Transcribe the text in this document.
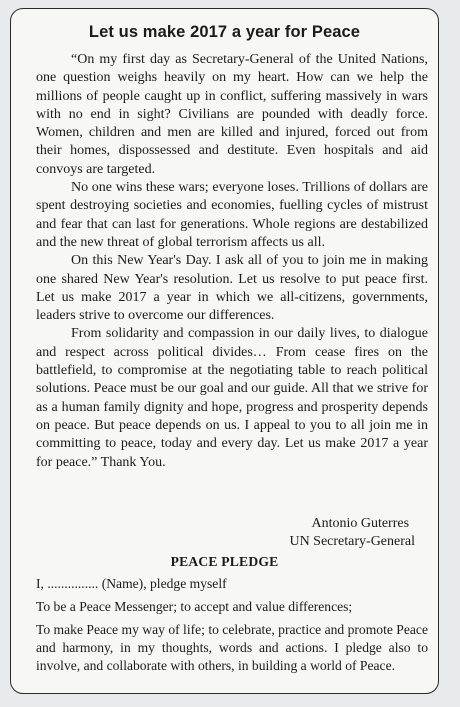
Let us make 2017 a year for Peace

“On my first day as Secretary-General of the United Nations, one question weighs heavily on my heart. How can we help the millions of people caught up in conflict, suffering massively in wars with no end in sight? Civilians are pounded with deadly force. Women, children and men are killed and injured, forced out from their homes, dispossessed and destitute. Even hospitals and aid convoys are targeted.

No one wins these wars; everyone loses. Trillions of dollars are spent destroying societies and economies, fuelling cycles of mistrust and fear that can last for generations. Whole regions are destabilized and the new threat of global terrorism affects us all.

On this New Year's Day. I ask all of you to join me in making one shared New Year's resolution. Let us resolve to put peace first. Let us make 2017 a year in which we all-citizens, governments, leaders strive to overcome our differences.

From solidarity and compassion in our daily lives, to dialogue and respect across political divides… From cease fires on the battlefield, to compromise at the negotiating table to reach political solutions. Peace must be our goal and our guide. All that we strive for as a human family dignity and hope, progress and prosperity depends on peace. But peace depends on us. I appeal to you to all join me in committing to peace, today and every day. Let us make 2017 a year for peace.” Thank You.

Antonio Guterres
UN Secretary-General
PEACE PLEDGE

I, ............... (Name), pledge myself

To be a Peace Messenger; to accept and value differences;

To make Peace my way of life; to celebrate, practice and promote Peace and harmony, in my thoughts, words and actions. I pledge also to involve, and collaborate with others, in building a world of Peace.
